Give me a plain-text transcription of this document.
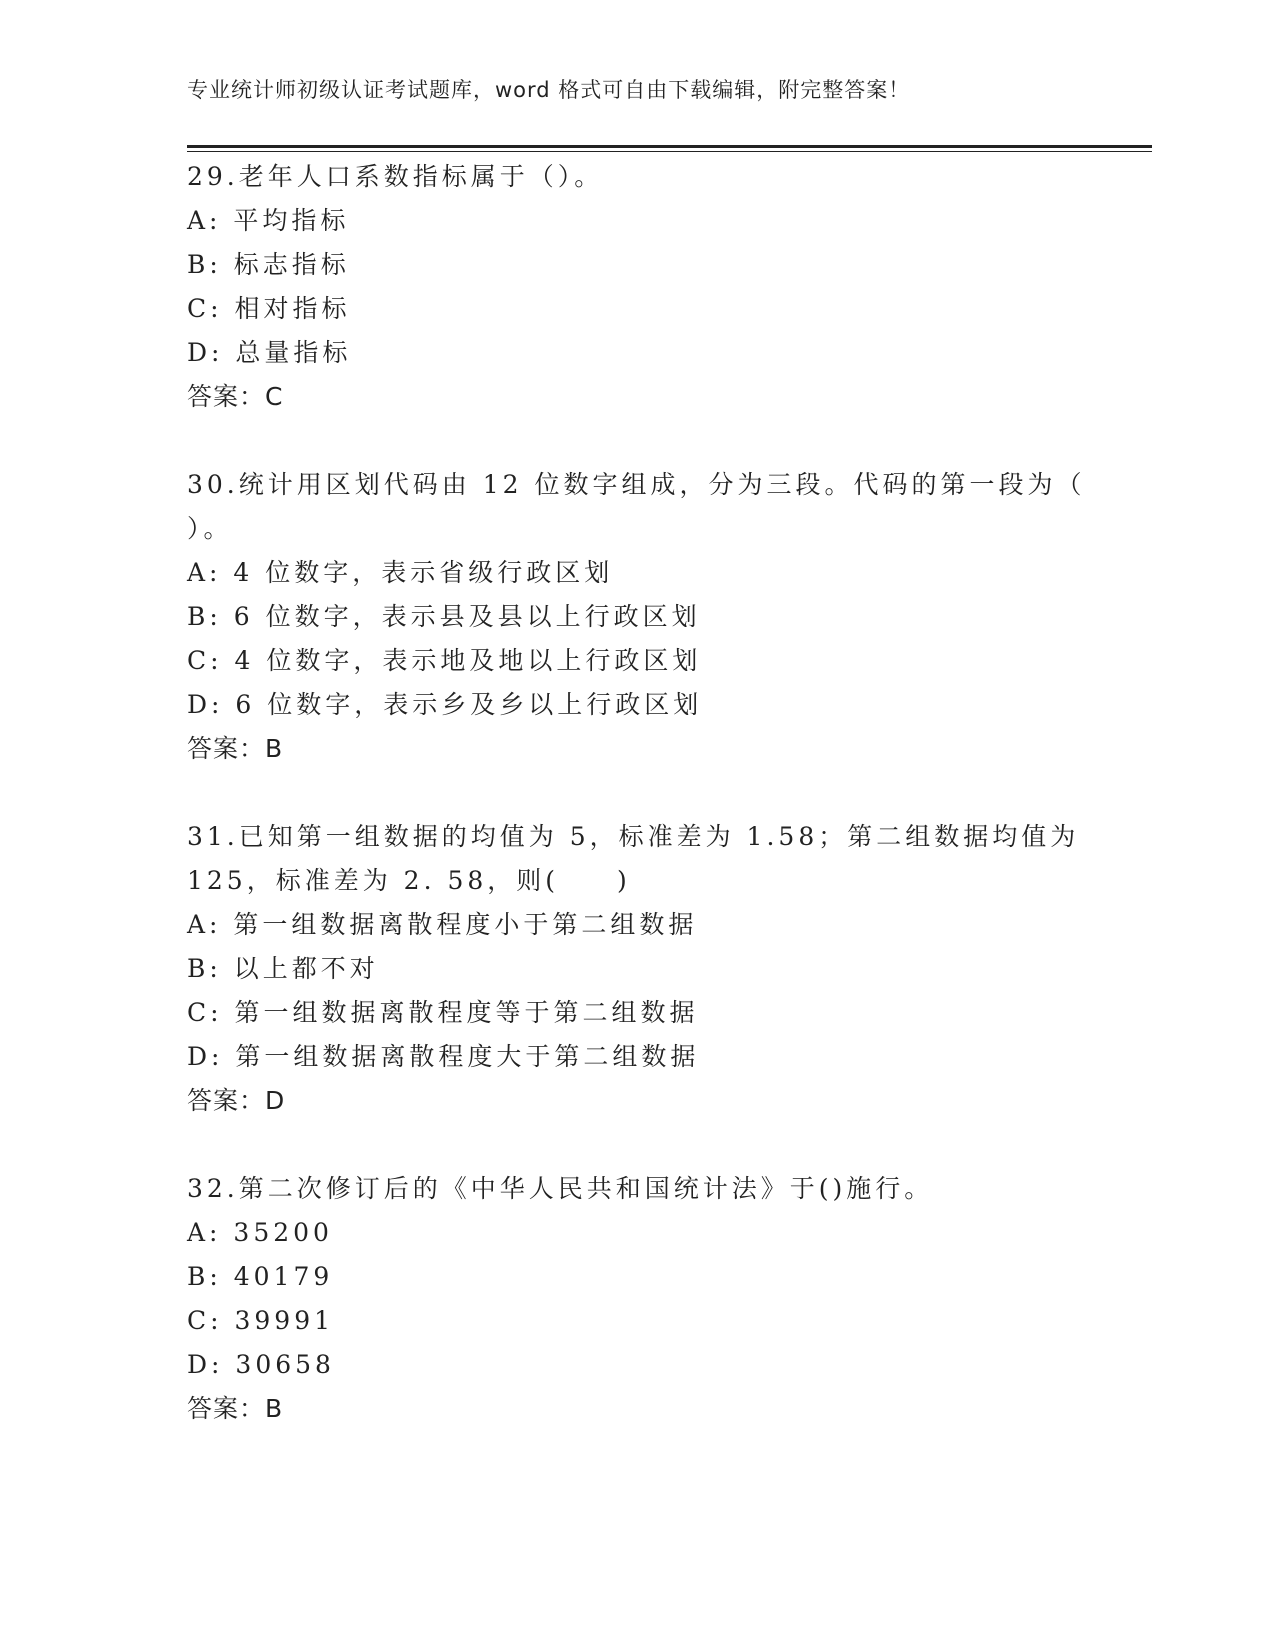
专业统计师初级认证考试题库，word 格式可自由下载编辑，附完整答案！
29.老年人口系数指标属于（）。
A: 平均指标
B: 标志指标
C: 相对指标
D: 总量指标
答案：C
30.统计用区划代码由 12 位数字组成，分为三段。代码的第一段为（
）。
A: 4 位数字，表示省级行政区划
B: 6 位数字，表示县及县以上行政区划
C: 4 位数字，表示地及地以上行政区划
D: 6 位数字，表示乡及乡以上行政区划
答案：B
31.已知第一组数据的均值为 5，标准差为 1.58；第二组数据均值为
125，标准差为 2. 58，则(　　)
A: 第一组数据离散程度小于第二组数据
B: 以上都不对
C: 第一组数据离散程度等于第二组数据
D: 第一组数据离散程度大于第二组数据
答案：D
32.第二次修订后的《中华人民共和国统计法》于()施行。
A: 35200
B: 40179
C: 39991
D: 30658
答案：B
